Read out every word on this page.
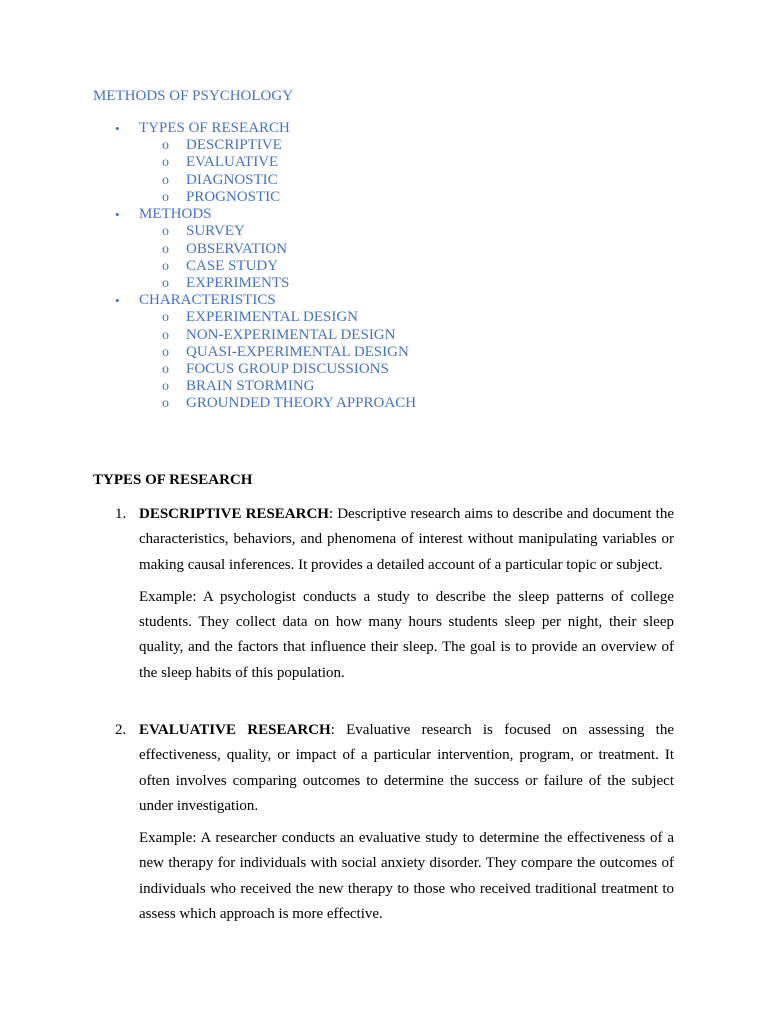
METHODS OF PSYCHOLOGY
• TYPES OF RESEARCH
o DESCRIPTIVE
o EVALUATIVE
o DIAGNOSTIC
o PROGNOSTIC
• METHODS
o SURVEY
o OBSERVATION
o CASE STUDY
o EXPERIMENTS
• CHARACTERISTICS
o EXPERIMENTAL DESIGN
o NON-EXPERIMENTAL DESIGN
o QUASI-EXPERIMENTAL DESIGN
o FOCUS GROUP DISCUSSIONS
o BRAIN STORMING
o GROUNDED THEORY APPROACH
TYPES OF RESEARCH
1. DESCRIPTIVE RESEARCH: Descriptive research aims to describe and document the characteristics, behaviors, and phenomena of interest without manipulating variables or making causal inferences. It provides a detailed account of a particular topic or subject.

Example: A psychologist conducts a study to describe the sleep patterns of college students. They collect data on how many hours students sleep per night, their sleep quality, and the factors that influence their sleep. The goal is to provide an overview of the sleep habits of this population.

2. EVALUATIVE RESEARCH: Evaluative research is focused on assessing the effectiveness, quality, or impact of a particular intervention, program, or treatment. It often involves comparing outcomes to determine the success or failure of the subject under investigation.

Example: A researcher conducts an evaluative study to determine the effectiveness of a new therapy for individuals with social anxiety disorder. They compare the outcomes of individuals who received the new therapy to those who received traditional treatment to assess which approach is more effective.
